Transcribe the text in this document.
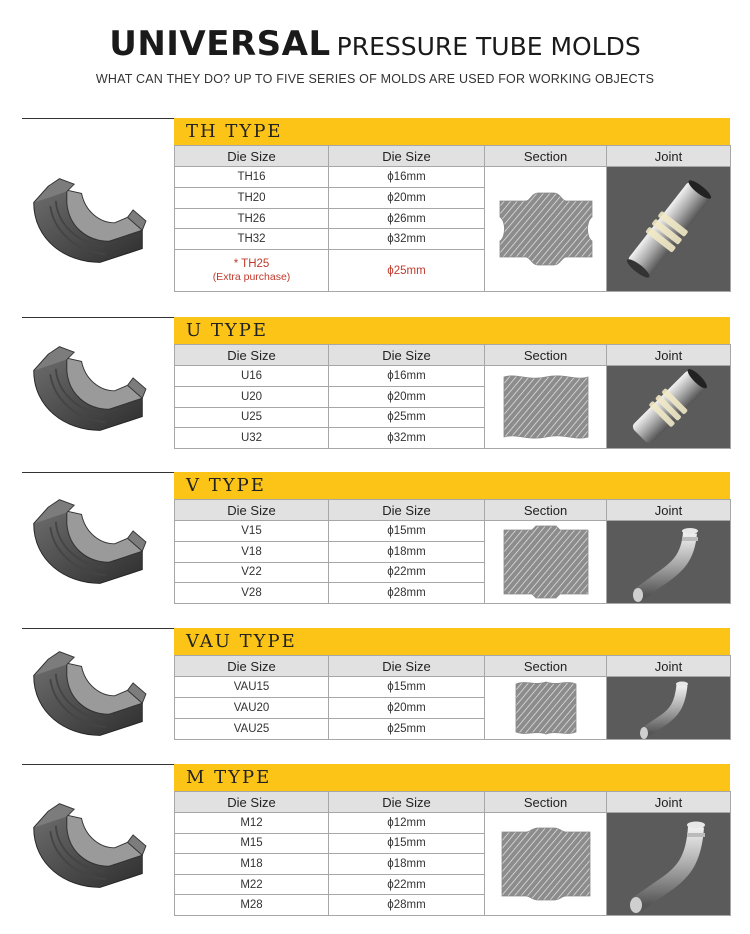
UNIVERSAL PRESSURE TUBE MOLDS
WHAT CAN THEY DO? UP TO FIVE SERIES OF MOLDS ARE USED FOR WORKING OBJECTS
TH TYPE
Die Size	Die Size	Section	Joint
TH16	ϕ16mm	

TH20	ϕ20mm		
TH26	ϕ26mm		
TH32	ϕ32mm		

* TH25
(Extra purchase)	ϕ25mm		
U TYPE
Die Size	Die Size	Section	Joint
U16	ϕ16mm	

U20	ϕ20mm		
U25	ϕ25mm		
U32	ϕ32mm		
V TYPE
Die Size	Die Size	Section	Joint
V15	ϕ15mm	

V18	ϕ18mm		
V22	ϕ22mm		
V28	ϕ28mm		
VAU TYPE
Die Size	Die Size	Section	Joint
VAU15	ϕ15mm	

VAU20	ϕ20mm		
VAU25	ϕ25mm		
M TYPE
Die Size	Die Size	Section	Joint
M12	ϕ12mm	

M15	ϕ15mm		
M18	ϕ18mm		
M22	ϕ22mm		
M28	ϕ28mm		
